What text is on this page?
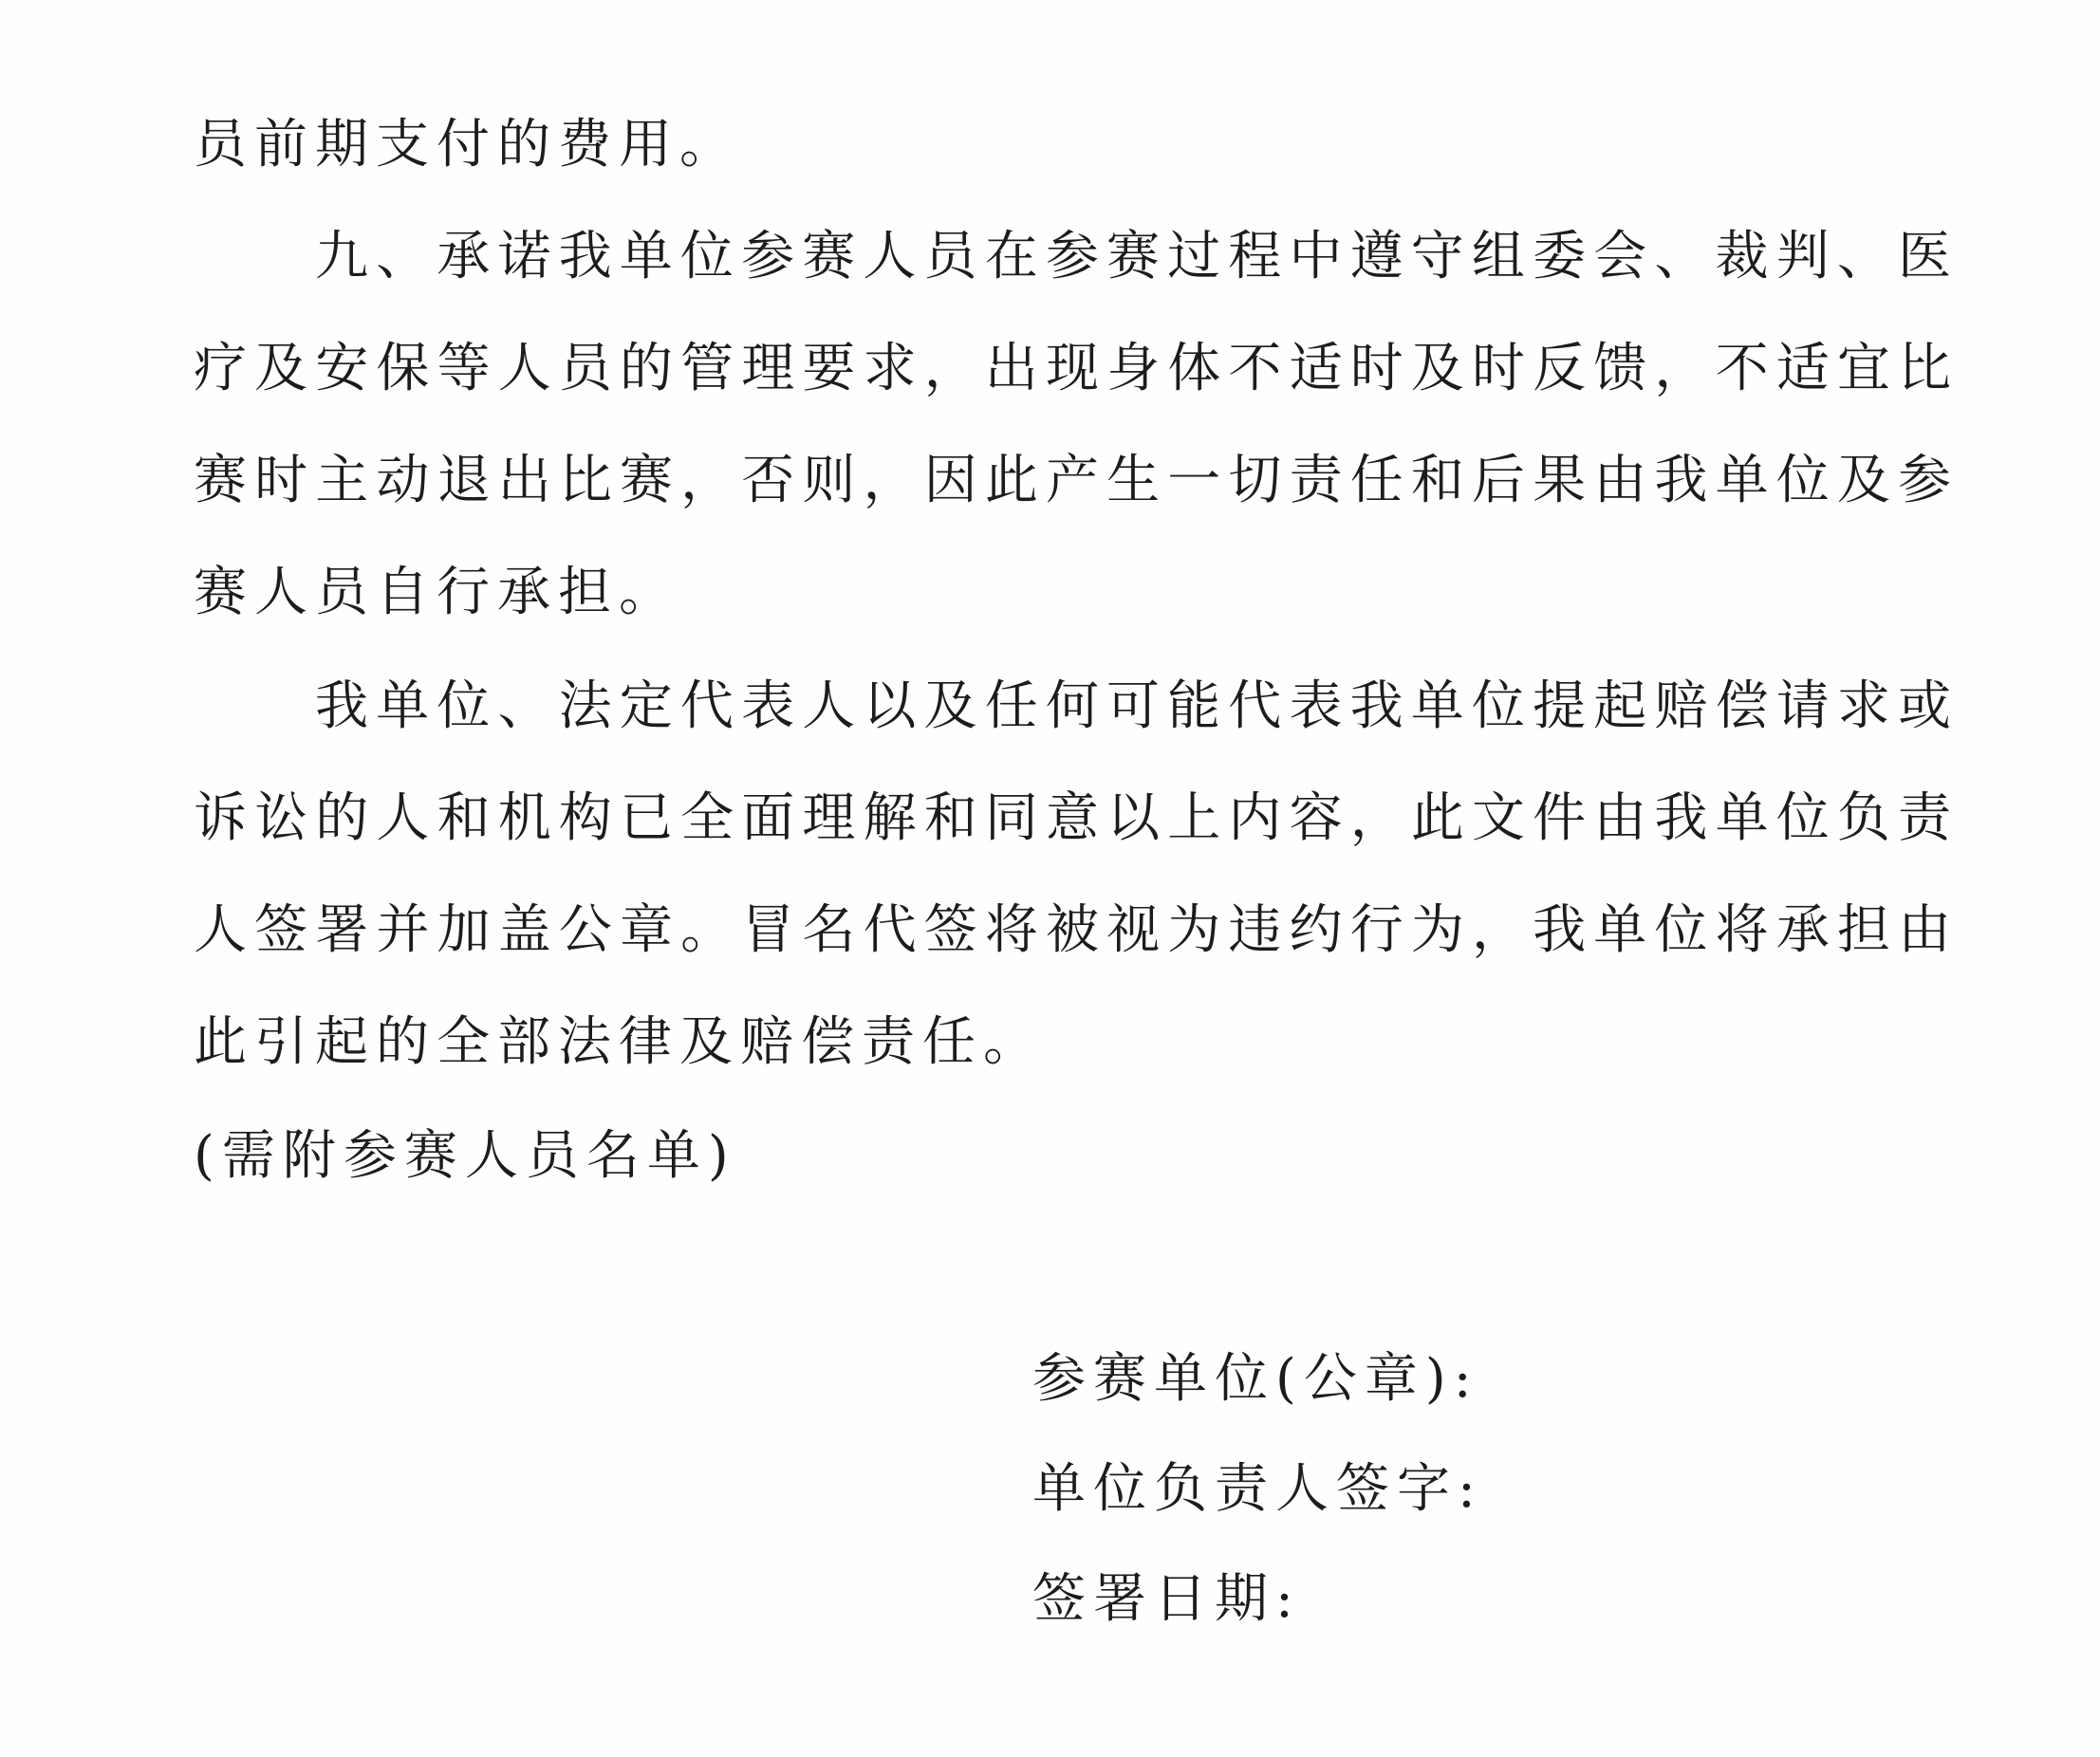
员前期支付的费用。
九、承诺我单位参赛人员在参赛过程中遵守组委会、裁判、医疗及安保等人员的管理要求，出现身体不适时及时反馈，不适宜比赛时主动退出比赛，否则，因此产生一切责任和后果由我单位及参赛人员自行承担。
我单位、法定代表人以及任何可能代表我单位提起赔偿请求或诉讼的人和机构已全面理解和同意以上内容，此文件由我单位负责人签署并加盖公章。冒名代签将被视为违约行为，我单位将承担由此引起的全部法律及赔偿责任。
(需附参赛人员名单)
参赛单位(公章):
单位负责人签字:
签署日期:
